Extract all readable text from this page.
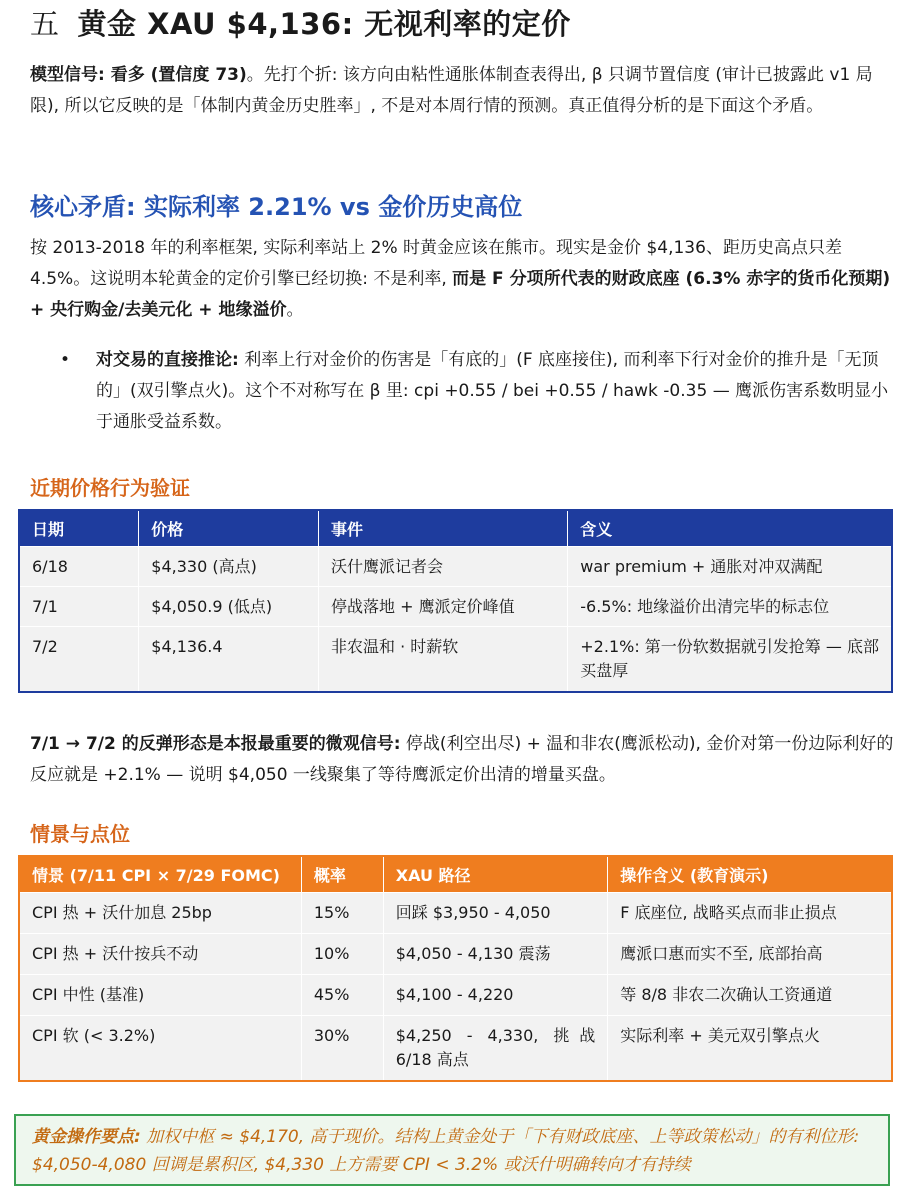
五 黄金 XAU $4,136: 无视利率的定价
模型信号: 看多 (置信度 73)。先打个折: 该方向由粘性通胀体制查表得出, β 只调节置信度 (审计已披露此 v1 局限), 所以它反映的是「体制内黄金历史胜率」, 不是对本周行情的预测。真正值得分析的是下面这个矛盾。
核心矛盾: 实际利率 2.21% vs 金价历史高位
按 2013-2018 年的利率框架, 实际利率站上 2% 时黄金应该在熊市。现实是金价 $4,136、距历史高点只差 4.5%。这说明本轮黄金的定价引擎已经切换: 不是利率, 而是 F 分项所代表的财政底座 (6.3% 赤字的货币化预期) + 央行购金/去美元化 + 地缘溢价。
• 对交易的直接推论: 利率上行对金价的伤害是「有底的」(F 底座接住), 而利率下行对金价的推升是「无顶的」(双引擎点火)。这个不对称写在 β 里: cpi +0.55 / bei +0.55 / hawk -0.35 — 鹰派伤害系数明显小于通胀受益系数。
近期价格行为验证
日期	价格	事件	含义
6/18	$4,330 (高点)	沃什鹰派记者会	war premium + 通胀对冲双满配
7/1	$4,050.9 (低点)	停战落地 + 鹰派定价峰值	-6.5%: 地缘溢价出清完毕的标志位
7/2	$4,136.4	非农温和 · 时薪软	+2.1%: 第一份软数据就引发抢筹 — 底部买盘厚
7/1 → 7/2 的反弹形态是本报最重要的微观信号: 停战(利空出尽) + 温和非农(鹰派松动), 金价对第一份边际利好的反应就是 +2.1% — 说明 $4,050 一线聚集了等待鹰派定价出清的增量买盘。
情景与点位
情景 (7/11 CPI × 7/29 FOMC)	概率	XAU 路径	操作含义 (教育演示)
CPI 热 + 沃什加息 25bp	15%	回踩 $3,950 - 4,050	F 底座位, 战略买点而非止损点
CPI 热 + 沃什按兵不动	10%	$4,050 - 4,130 震荡	鹰派口惠而实不至, 底部抬高
CPI 中性 (基准)	45%	$4,100 - 4,220	等 8/8 非农二次确认工资通道
CPI 软 (< 3.2%)	30%	$4,250 - 4,330, 挑战 6/18 高点	实际利率 + 美元双引擎点火
黄金操作要点: 加权中枢 ≈ $4,170, 高于现价。结构上黄金处于「下有财政底座、上等政策松动」的有利位形: $4,050-4,080 回调是累积区, $4,330 上方需要 CPI < 3.2% 或沃什明确转向才有持续
